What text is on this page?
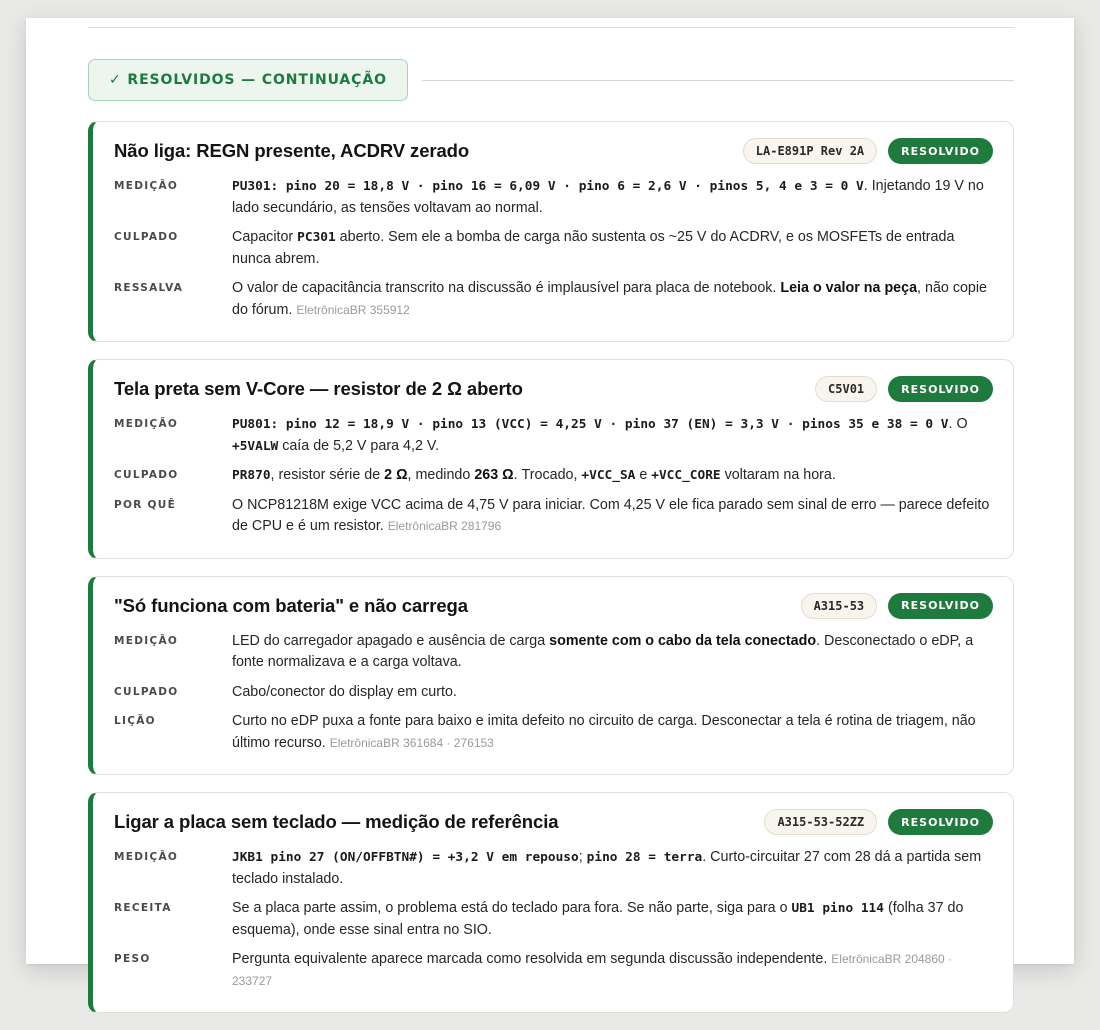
✓ RESOLVIDOS — CONTINUAÇÃO
Não liga: REGN presente, ACDRV zerado	LA-E891P Rev 2A	RESOLVIDO
MEDIÇÃO	PU301: pino 20 = 18,8 V · pino 16 = 6,09 V · pino 6 = 2,6 V · pinos 5, 4 e 3 = 0 V. Injetando 19 V no lado secundário, as tensões voltavam ao normal.
CULPADO	Capacitor PC301 aberto. Sem ele a bomba de carga não sustenta os ~25 V do ACDRV, e os MOSFETs de entrada nunca abrem.
RESSALVA	O valor de capacitância transcrito na discussão é implausível para placa de notebook. Leia o valor na peça, não copie do fórum. EletrônicaBR 355912
Tela preta sem V-Core — resistor de 2 Ω aberto	C5V01	RESOLVIDO
MEDIÇÃO	PU801: pino 12 = 18,9 V · pino 13 (VCC) = 4,25 V · pino 37 (EN) = 3,3 V · pinos 35 e 38 = 0 V. O +5VALW caía de 5,2 V para 4,2 V.
CULPADO	PR870, resistor série de 2 Ω, medindo 263 Ω. Trocado, +VCC_SA e +VCC_CORE voltaram na hora.
POR QUÊ	O NCP81218M exige VCC acima de 4,75 V para iniciar. Com 4,25 V ele fica parado sem sinal de erro — parece defeito de CPU e é um resistor. EletrônicaBR 281796
"Só funciona com bateria" e não carrega	A315-53	RESOLVIDO
MEDIÇÃO	LED do carregador apagado e ausência de carga somente com o cabo da tela conectado. Desconectado o eDP, a fonte normalizava e a carga voltava.
CULPADO	Cabo/conector do display em curto.
LIÇÃO	Curto no eDP puxa a fonte para baixo e imita defeito no circuito de carga. Desconectar a tela é rotina de triagem, não último recurso. EletrônicaBR 361684 · 276153
Ligar a placa sem teclado — medição de referência	A315-53-52ZZ	RESOLVIDO
MEDIÇÃO	JKB1 pino 27 (ON/OFFBTN#) = +3,2 V em repouso; pino 28 = terra. Curto-circuitar 27 com 28 dá a partida sem teclado instalado.
RECEITA	Se a placa parte assim, o problema está do teclado para fora. Se não parte, siga para o UB1 pino 114 (folha 37 do esquema), onde esse sinal entra no SIO.
PESO	Pergunta equivalente aparece marcada como resolvida em segunda discussão independente. EletrônicaBR 204860 · 233727
